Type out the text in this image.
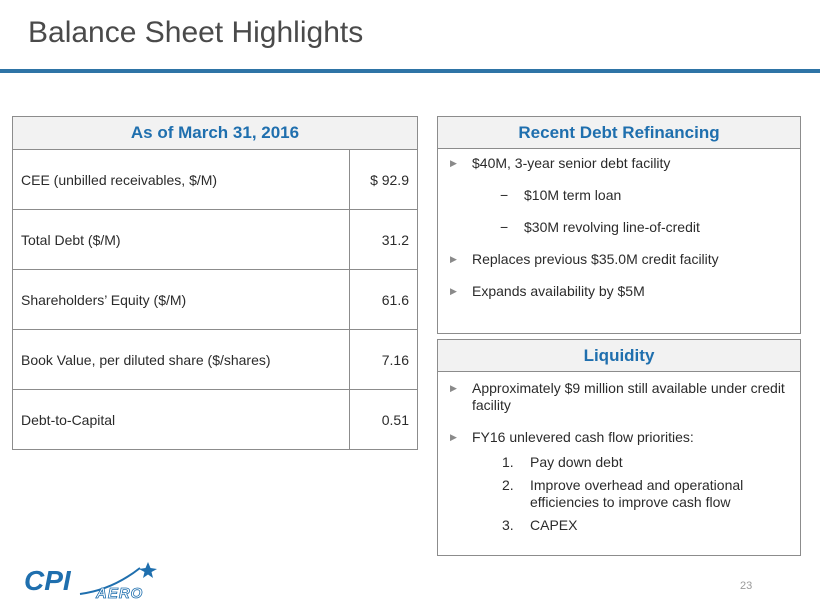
Balance Sheet Highlights
As of March 31, 2016	
CEE (unbilled receivables, $/M)	$ 92.9
Total Debt ($/M)	31.2
Shareholders’ Equity ($/M)	61.6
Book Value, per diluted share ($/shares)	7.16
Debt-to-Capital	0.51
Recent Debt Refinancing
▶ $40M, 3-year senior debt facility
− $10M term loan
− $30M revolving line-of-credit
▶ Replaces previous $35.0M credit facility
▶ Expands availability by $5M
Liquidity
▶ Approximately $9 million still available under credit facility
▶ FY16 unlevered cash flow priorities:
1. Pay down debt
2. Improve overhead and operational efficiencies to improve cash flow
3. CAPEX
CPI AERO	23
